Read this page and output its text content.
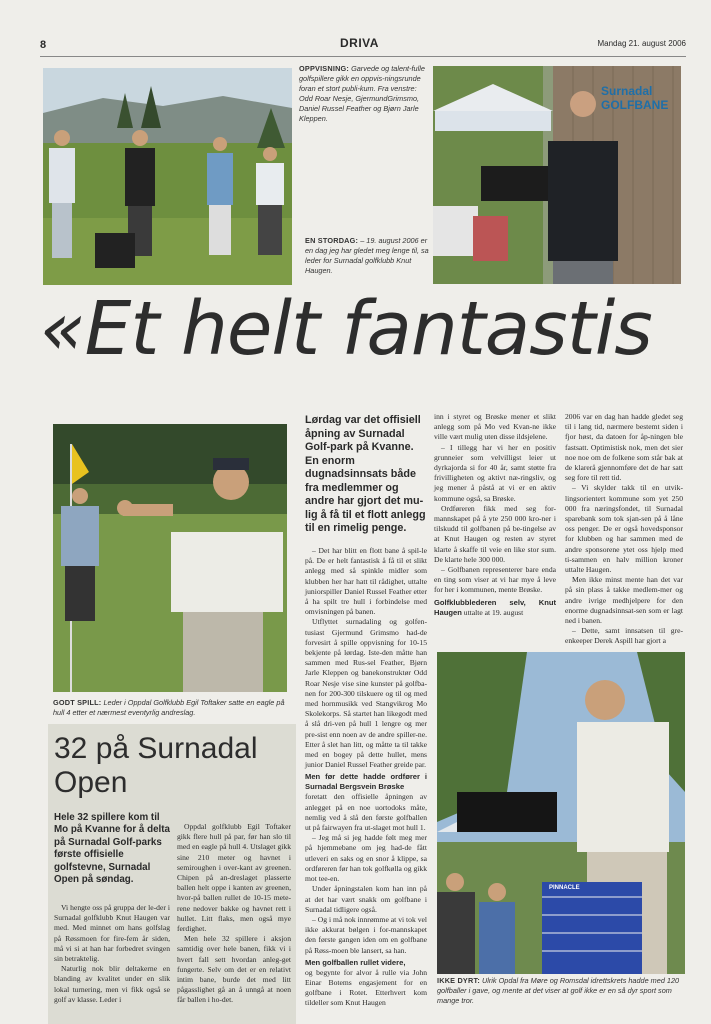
8	DRIVA	Mandag 21. august 2006
OPPVISNING: Garvede og talent-fulle golfspillere gikk en oppvis-ningsrunde foran et stort publi-kum. Fra venstre: Odd Roar Nesje, GjermundGrimsmo, Daniel Russel Feather og Bjørn Jarle Kleppen.
EN STORDAG: – 19. august 2006 er en dag jeg har gledet meg lenge til, sa leder for Surnadal golfklubb Knut Haugen.
Surnadal GOLFBANE
«Et helt fantastis
GODT SPILL: Leder i Oppdal Golfklubb Egil Toftaker satte en eagle på hull 4 etter et nærmest eventyrlig andreslag.
32 på Surnadal Open
Hele 32 spillere kom til Mo på Kvanne for å delta på Surnadal Golf-parks første offisielle golfstevne, Surnadal Open på søndag.

Vi hengte oss på gruppa der le-der i Surnadal golfklubb Knut Haugen var med. Med minnet om hans golfslag på Røssmoen for fire-fem år siden, må vi si at han har forbedret svingen sin betraktelig.

Naturlig nok blir deltakerne en blanding av kvalitet under en slik lokal turnering, men vi fikk også se golf av klasse. Leder i

Oppdal golfklubb Egil Toftaker gikk flere hull på par, før han slo til med en eagle på hull 4. Utslaget gikk sine 210 meter og havnet i semiroughen i over-kant av greenen. Chipen på an-dreslaget plasserte ballen helt oppe i kanten av greenen, hvor-på ballen rullet de 10-15 mete-rene nedover bakke og havnet rett i hullet. Litt flaks, men også mye ferdighet.

Men hele 32 spillere i aksjon samtidig over hele banen, fikk vi i hvert fall sett hvordan anleg-get fungerte. Selv om det er en relativt intim bane, burde det med litt pågasslighet gå an å unngå at noen får ballen i ho-det.

Lørdag var det offisiell åpning av Surnadal Golf-park på Kvanne. En enorm dugnadsinnsats både fra medlemmer og andre har gjort det mu-lig å få til et flott anlegg til en rimelig penge.

– Det har blitt en flott bane å spil-le på. De er helt fantastisk å få til et slikt anlegg med så spinkle midler som klubben her har hatt til rådighet, uttalte juniorspiller Daniel Russel Feather etter å ha spilt tre hull i forbindelse med omvisningen på banen.

Utflyttet surnadaling og golfen-tusiast Gjermund Grimsmo had-de forvesirt å spille oppvisning for 10-15 bekjente på lørdag. Iste-den måtte han sammen med Rus-sel Feather, Bjørn Jarle Kleppen og banekonstruktør Odd Roar Nesje vise sine kunster på golfba-nen for 200-300 tilskuere og til og med med hornmusikk ved Stangvikrog Mo Skolekorps. Så startet han likegodt med å slå dri-ven på hull 1 lengre og mer pre-sist enn noen av de andre spiller-ne. Etter å slet han litt, og måtte ta til takke med en bogey på dette hullet, mens junior Daniel Russel Feather greide par.

Men før dette hadde ordfører i Surnadal Bergsvein Brøske

foretatt den offisielle åpningen av anlegget på en noe uortodoks måte, nemlig ved å slå den første golfballen ut på fairwayen fra ut-slaget mot hull 1.

– Jeg må si jeg hadde følt meg mer på hjemmebane om jeg had-de fått utleveri en saks og en snor å klippe, sa ordføreren før han tok golfkølla og gikk mot tee-en.

Under åpningstalen kom han inn på at det har vært snakk om golfbane i Surnadal tidligere også.

– Og i må nok innrømme at vi tok vel ikke akkurat bølgen i for-mannskapet den første gangen iden om en golfbane på Røss-moen ble lansert, sa han.

Men golfballen rullet videre,

og begynte for alvor å rulle via John Einar Botems engasjement for en golfbane i Rotet. Etterhvert kom tildeller som Knut Haugen

inn i styret og Brøske mener et slikt anlegg som på Mo ved Kvan-ne ikke ville vært mulig uten disse ildsjelene.

– I tillegg har vi her en positiv grunneier som velvilligst leier ut dyrkajorda si for 40 år, samt støtte fra frivilligheten og aktivt næ-ringsliv, og jeg mener å påstå at vi er en aktiv kommune også, sa Brøske.

Ordføreren fikk med seg for-mannskapet på å yte 250 000 kro-ner i tilskudd til golfbanen på be-tingelse av at Knut Haugen og resten av styret klarte å skaffe til veie en like stor sum. De klarte hele 300 000.

– Golfbanen representerer bare enda en ting som viser at vi har mye å leve for her i kommunen, mente Brøske.

Golfklubblederen selv, Knut Haugen uttalte at 19. august

2006 var en dag han hadde gledet seg til i lang tid, nærmere bestemt siden i fjor høst, da datoen for åp-ningen ble fastsatt. Optimistisk nok, men det sier noe noe om de folkene som står bak at de klarerå gjennomføre det de har satt seg fore til rett tid.

– Vi skylder takk til en utvik-lingsorientert kommune som yet 250 000 fra næringsfondet, til Surnadal sparebank som tok sjan-sen på å låne oss penger. De er også hovedsponsor for klubben og har sammen med de andre sponsorene ytet oss hjelp med ti-sammen en halv million kroner uttalte Haugen.

Men ikke minst mente han det var på sin plass å takke medlem-mer og andre ivrige medhjelpere for den enorme dugnadsinnsat-sen som er lagt ned i banen.

– Dette, samt innsatsen til gre-enkeeper Derek Aspill har gjort a

PINNACLE
IKKE DYRT: Ulrik Opdal fra Møre og Romsdal idrettskrets hadde med 120 golfballer i gave, og mente at det viser at golf ikke er en så dyr sport som mange tror.
